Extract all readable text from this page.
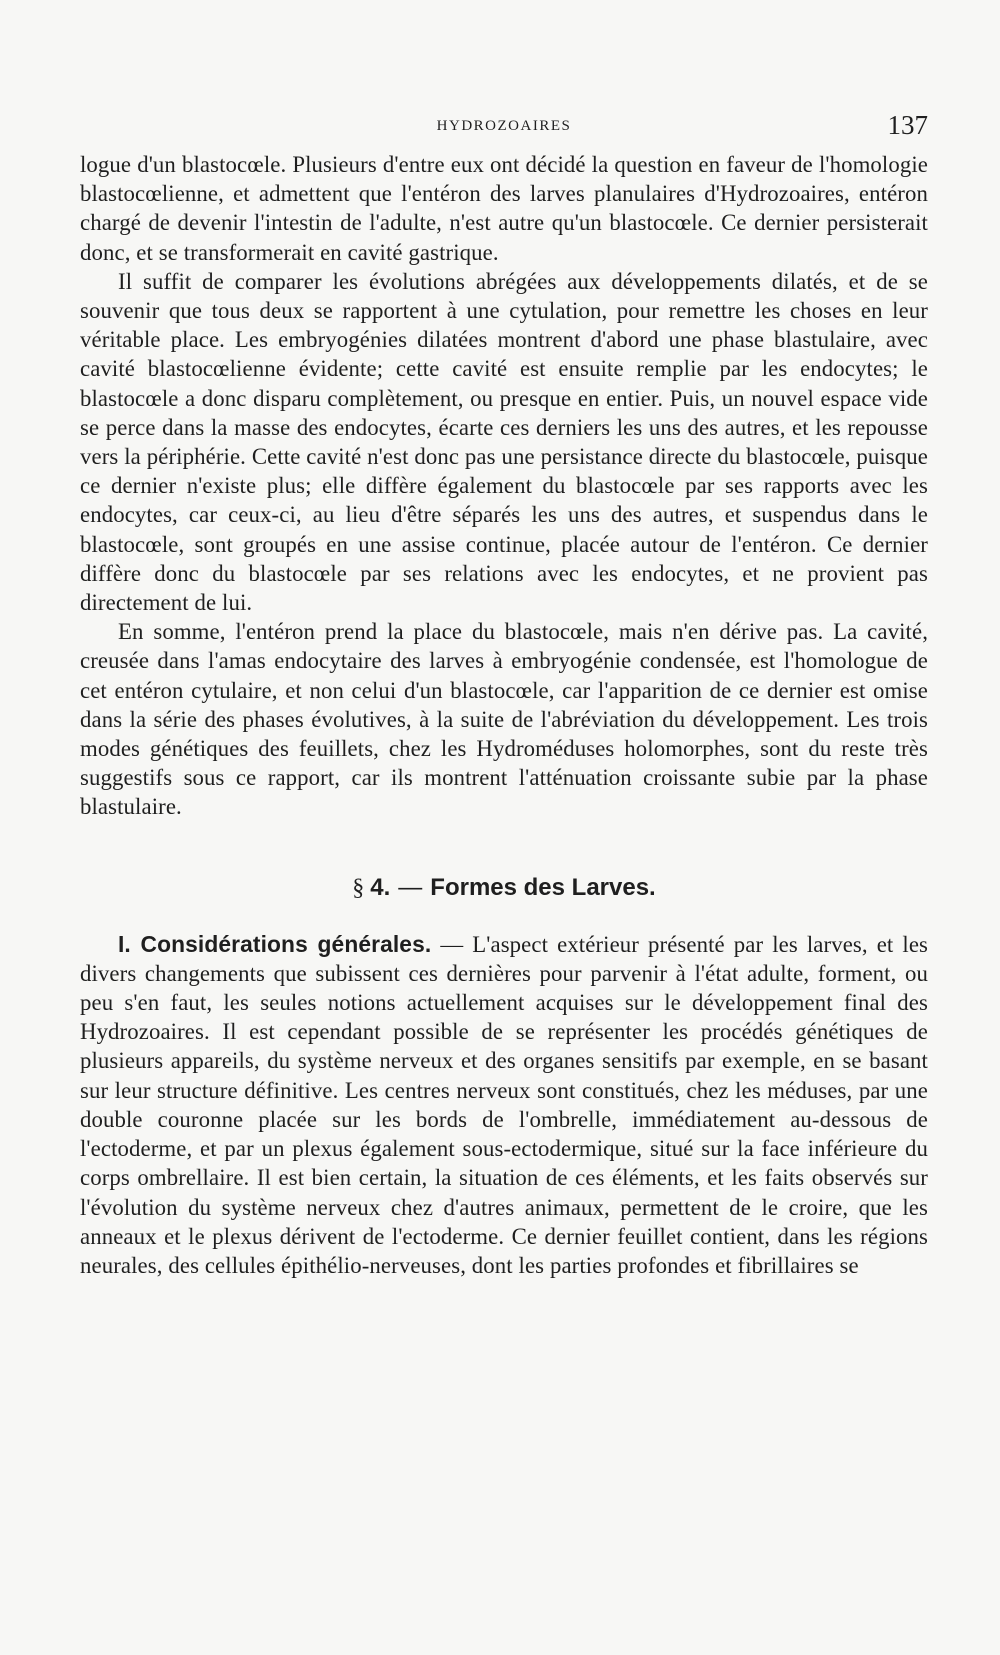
HYDROZOAIRES	137

logue d'un blastocœle. Plusieurs d'entre eux ont décidé la question en faveur de l'homologie blastocœlienne, et admettent que l'entéron des larves planulaires d'Hydrozoaires, entéron chargé de devenir l'intestin de l'adulte, n'est autre qu'un blastocœle. Ce dernier persisterait donc, et se transformerait en cavité gastrique.

Il suffit de comparer les évolutions abrégées aux développements dilatés, et de se souvenir que tous deux se rapportent à une cytulation, pour remettre les choses en leur véritable place. Les embryogénies dilatées montrent d'abord une phase blastulaire, avec cavité blastocœlienne évidente; cette cavité est ensuite remplie par les endocytes; le blastocœle a donc disparu complètement, ou presque en entier. Puis, un nouvel espace vide se perce dans la masse des endocytes, écarte ces derniers les uns des autres, et les repousse vers la périphérie. Cette cavité n'est donc pas une persistance directe du blastocœle, puisque ce dernier n'existe plus; elle diffère également du blastocœle par ses rapports avec les endocytes, car ceux-ci, au lieu d'être séparés les uns des autres, et suspendus dans le blastocœle, sont groupés en une assise continue, placée autour de l'entéron. Ce dernier diffère donc du blastocœle par ses relations avec les endocytes, et ne provient pas directement de lui.

En somme, l'entéron prend la place du blastocœle, mais n'en dérive pas. La cavité, creusée dans l'amas endocytaire des larves à embryogénie condensée, est l'homologue de cet entéron cytulaire, et non celui d'un blastocœle, car l'apparition de ce dernier est omise dans la série des phases évolutives, à la suite de l'abréviation du développement. Les trois modes génétiques des feuillets, chez les Hydroméduses holomorphes, sont du reste très suggestifs sous ce rapport, car ils montrent l'atténuation croissante subie par la phase blastulaire.

§ 4. — Formes des Larves.

I. Considérations générales. — L'aspect extérieur présenté par les larves, et les divers changements que subissent ces dernières pour parvenir à l'état adulte, forment, ou peu s'en faut, les seules notions actuellement acquises sur le développement final des Hydrozoaires. Il est cependant possible de se représenter les procédés génétiques de plusieurs appareils, du système nerveux et des organes sensitifs par exemple, en se basant sur leur structure définitive. Les centres nerveux sont constitués, chez les méduses, par une double couronne placée sur les bords de l'ombrelle, immédiatement au-dessous de l'ectoderme, et par un plexus également sous-ectodermique, situé sur la face inférieure du corps ombrellaire. Il est bien certain, la situation de ces éléments, et les faits observés sur l'évolution du système nerveux chez d'autres animaux, permettent de le croire, que les anneaux et le plexus dérivent de l'ectoderme. Ce dernier feuillet contient, dans les régions neurales, des cellules épithélio-nerveuses, dont les parties profondes et fibrillaires se
